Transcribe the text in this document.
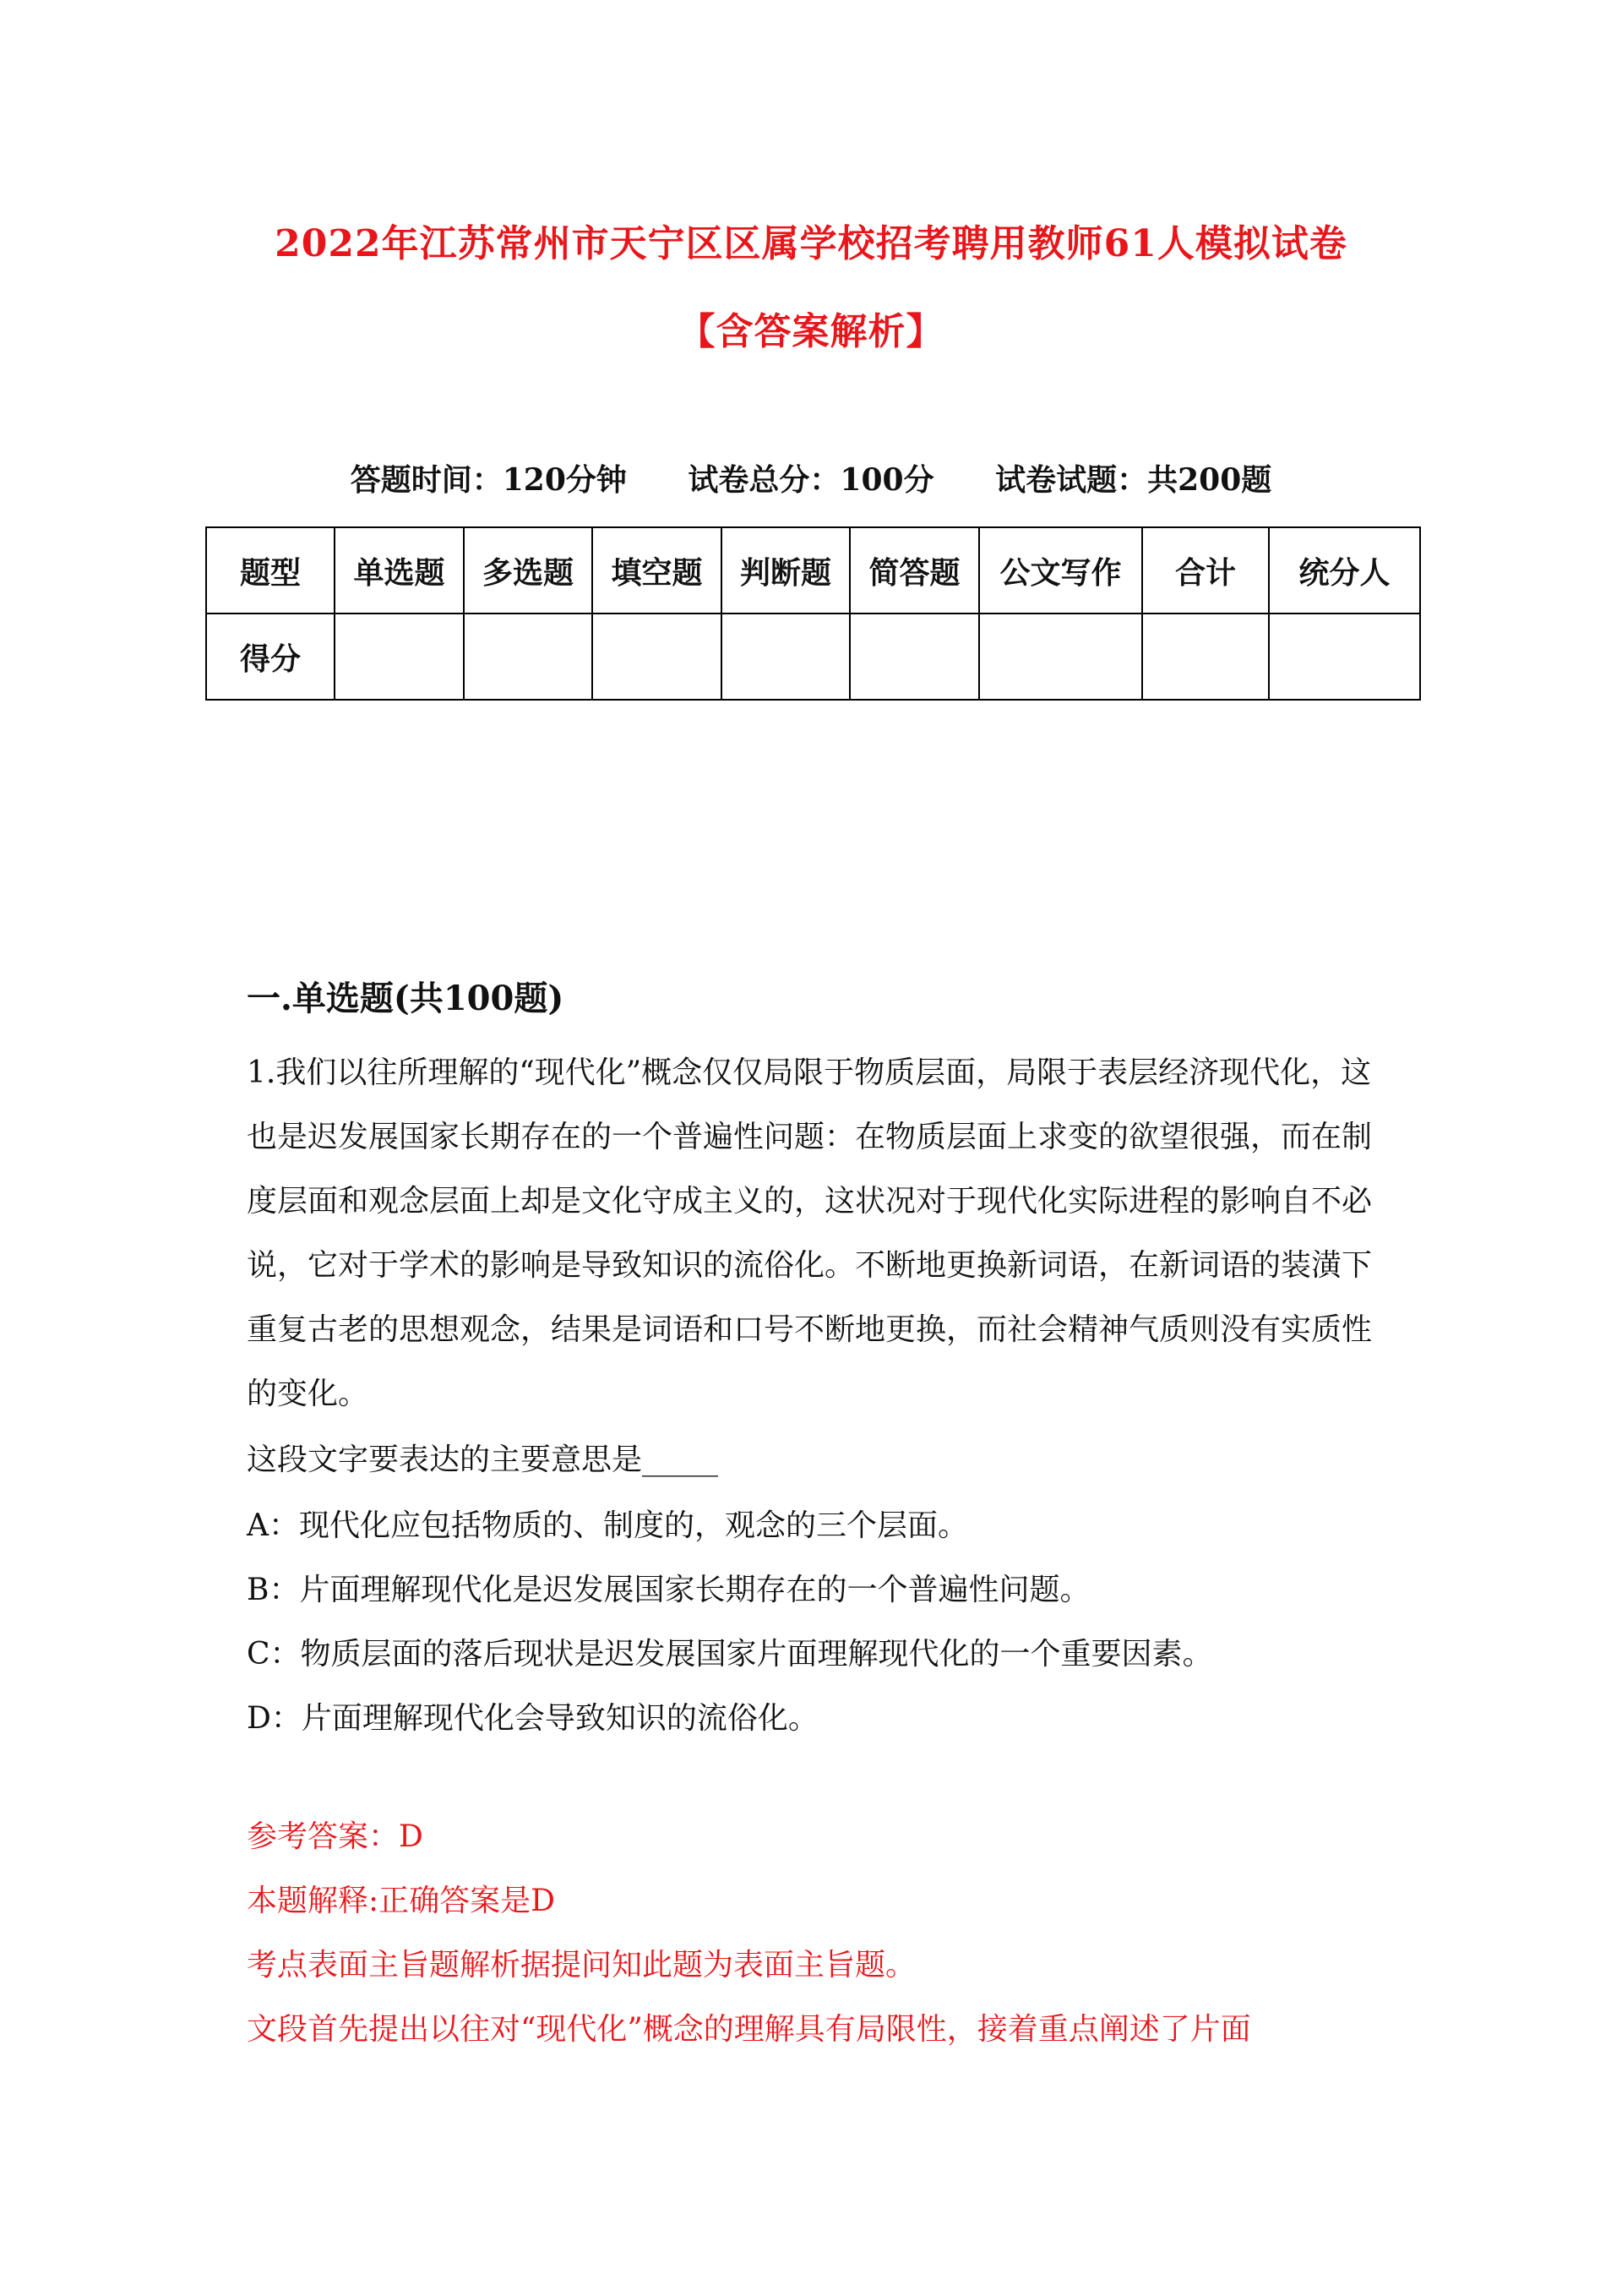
2022年江苏常州市天宁区区属学校招考聘用教师61人模拟试卷
【含答案解析】
答题时间：120分钟 试卷总分：100分 试卷试题：共200题
题型	单选题	多选题	填空题	判断题	简答题	公文写作	合计	统分人
得分								
一.单选题(共100题)
1.我们以往所理解的“现代化”概念仅仅局限于物质层面，局限于表层经济现代化，这也是迟发展国家长期存在的一个普遍性问题：在物质层面上求变的欲望很强，而在制度层面和观念层面上却是文化守成主义的，这状况对于现代化实际进程的影响自不必说，它对于学术的影响是导致知识的流俗化。不断地更换新词语，在新词语的装潢下重复古老的思想观念，结果是词语和口号不断地更换，而社会精神气质则没有实质性的变化。
这段文字要表达的主要意思是_____

A：现代化应包括物质的、制度的，观念的三个层面。

B：片面理解现代化是迟发展国家长期存在的一个普遍性问题。

C：物质层面的落后现状是迟发展国家片面理解现代化的一个重要因素。

D：片面理解现代化会导致知识的流俗化。

参考答案：D

本题解释:正确答案是D

考点表面主旨题解析据提问知此题为表面主旨题。

文段首先提出以往对“现代化”概念的理解具有局限性，接着重点阐述了片面
